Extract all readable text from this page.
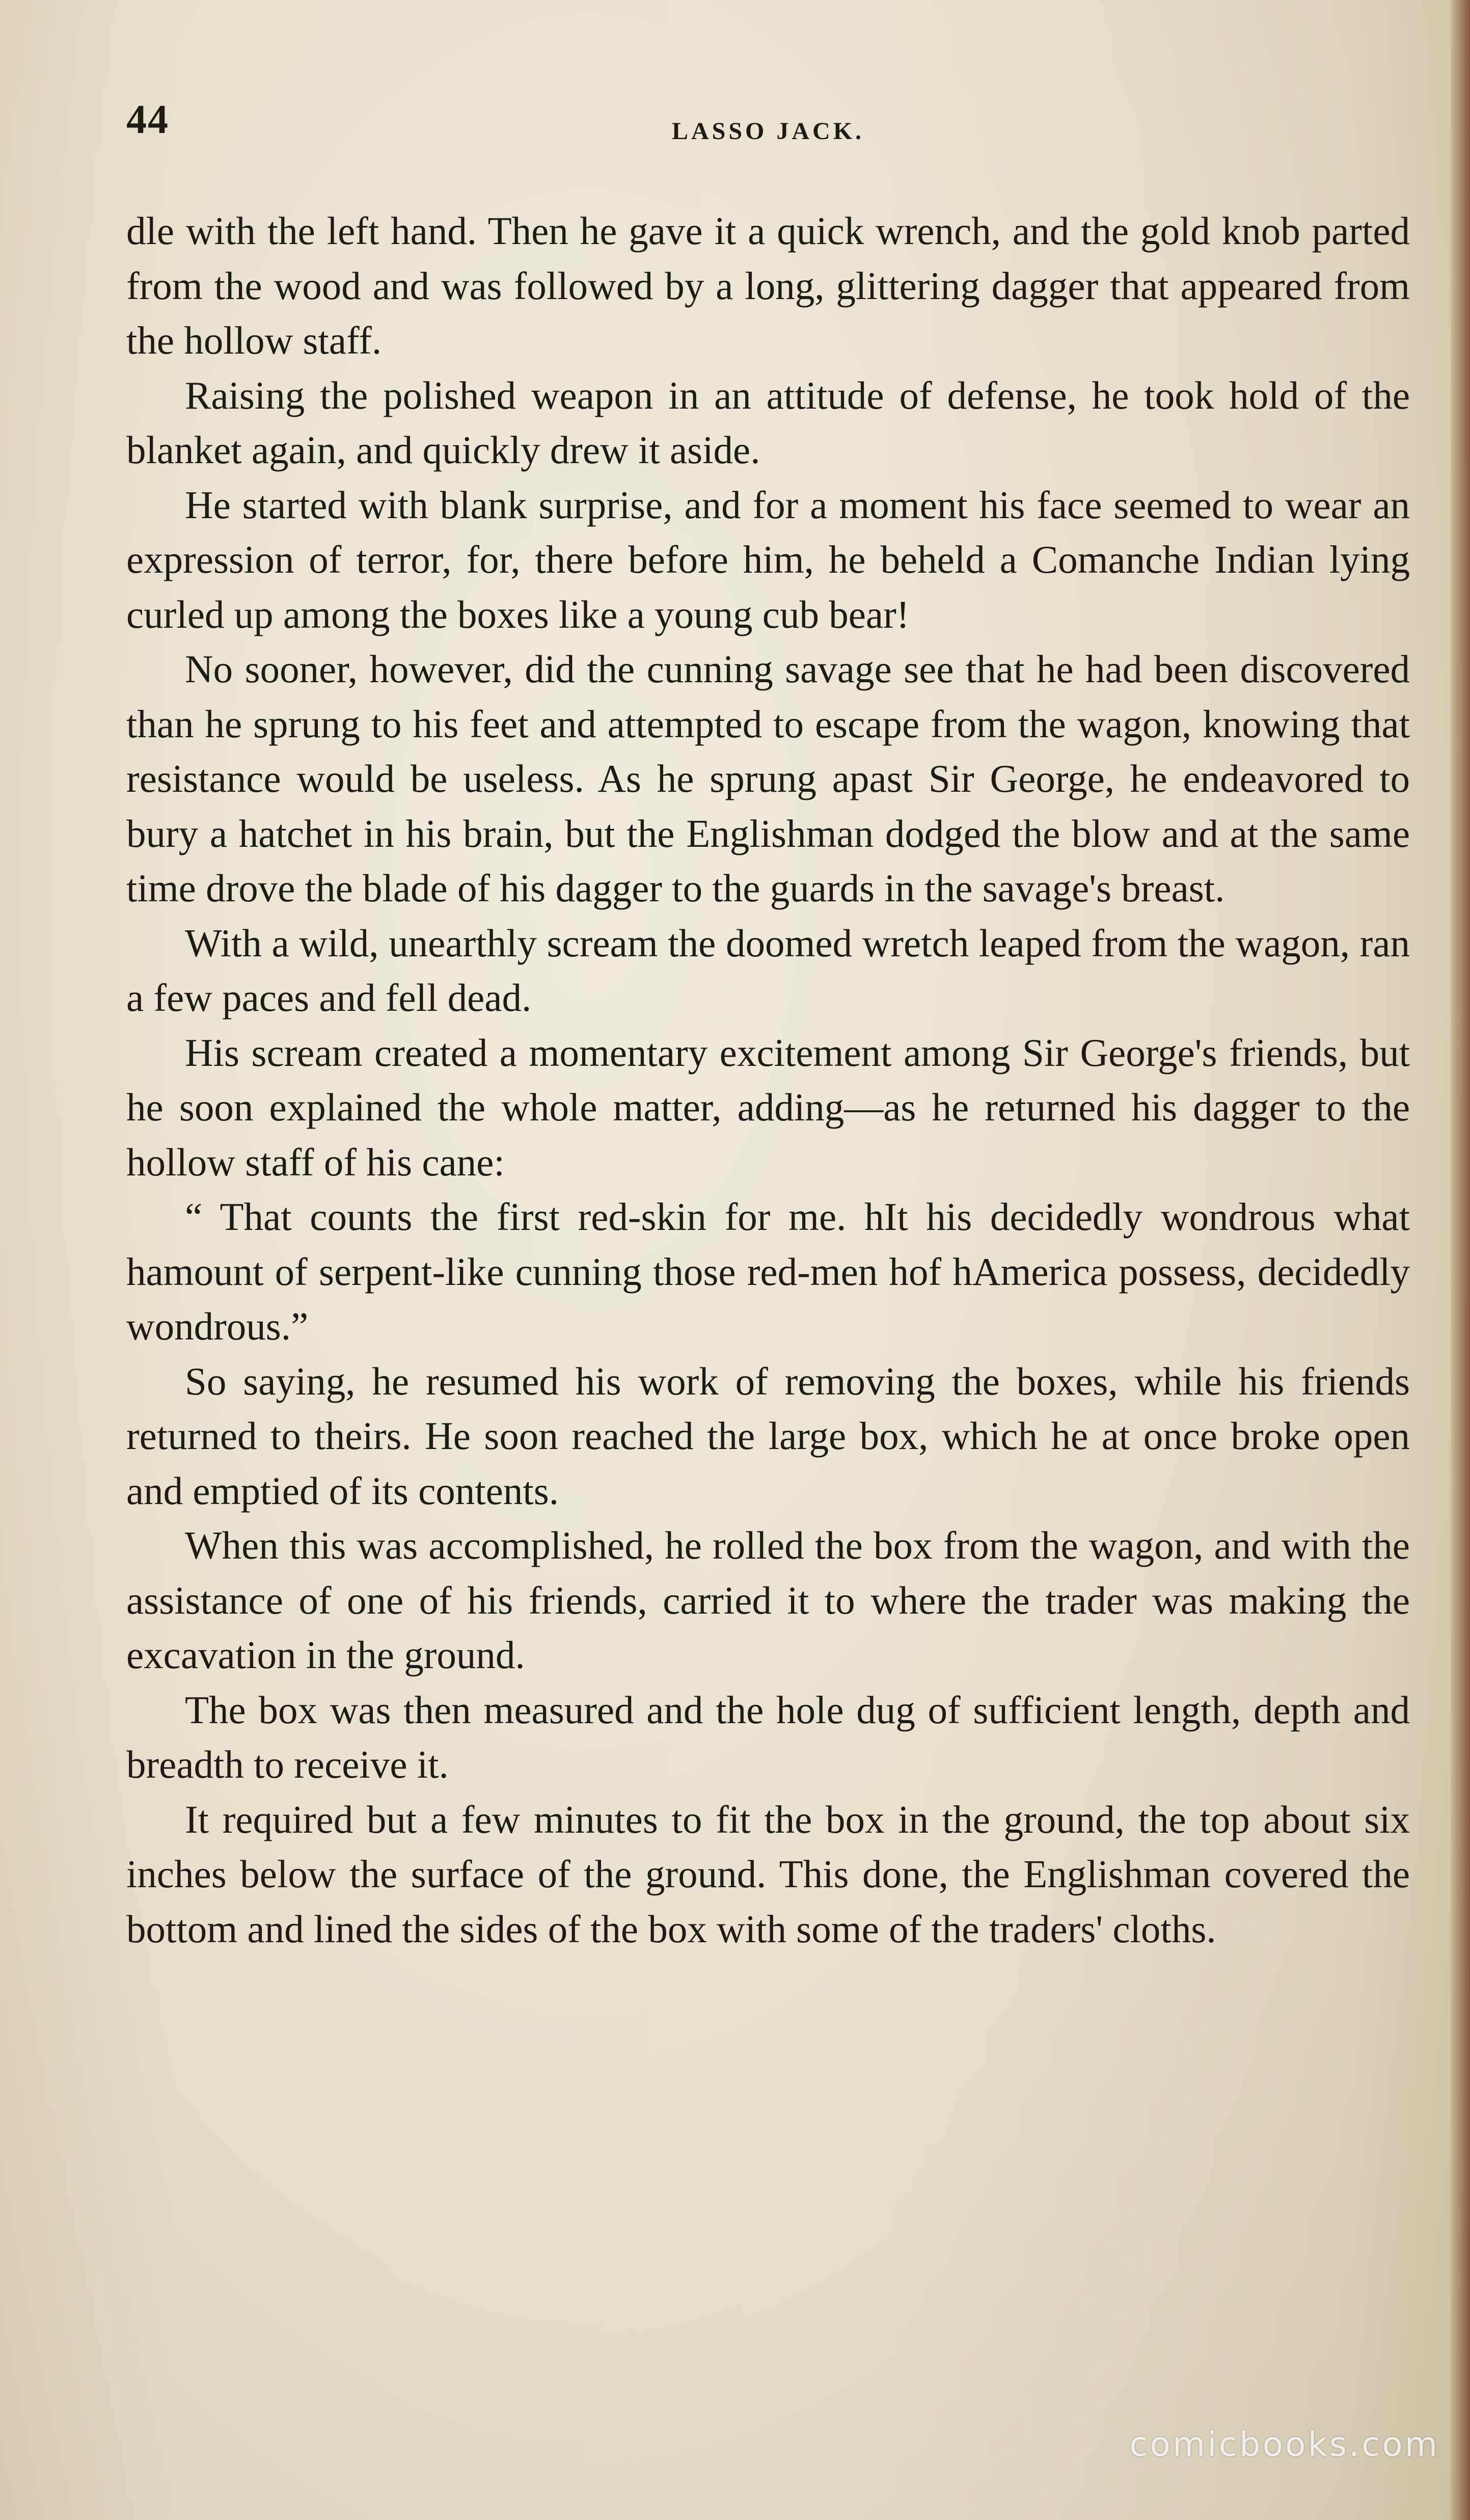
44	LASSO JACK.

dle with the left hand. Then he gave it a quick wrench, and the gold knob parted from the wood and was followed by a long, glittering dagger that appeared from the hollow staff.

Raising the polished weapon in an attitude of defense, he took hold of the blanket again, and quickly drew it aside.

He started with blank surprise, and for a moment his face seemed to wear an expression of terror, for, there before him, he beheld a Comanche Indian lying curled up among the boxes like a young cub bear!

No sooner, however, did the cunning savage see that he had been discovered than he sprung to his feet and attempted to escape from the wagon, knowing that resistance would be useless. As he sprung apast Sir George, he endeavored to bury a hatchet in his brain, but the Englishman dodged the blow and at the same time drove the blade of his dagger to the guards in the savage's breast.

With a wild, unearthly scream the doomed wretch leaped from the wagon, ran a few paces and fell dead.

His scream created a momentary excitement among Sir George's friends, but he soon explained the whole matter, adding—as he returned his dagger to the hollow staff of his cane:

“ That counts the first red-skin for me. hIt his decidedly wondrous what hamount of serpent-like cunning those red-men hof hAmerica possess, decidedly wondrous.”

So saying, he resumed his work of removing the boxes, while his friends returned to theirs. He soon reached the large box, which he at once broke open and emptied of its contents.

When this was accomplished, he rolled the box from the wagon, and with the assistance of one of his friends, carried it to where the trader was making the excavation in the ground.

The box was then measured and the hole dug of sufficient length, depth and breadth to receive it.

It required but a few minutes to fit the box in the ground, the top about six inches below the surface of the ground. This done, the Englishman covered the bottom and lined the sides of the box with some of the traders' cloths.

comicbooks.com
